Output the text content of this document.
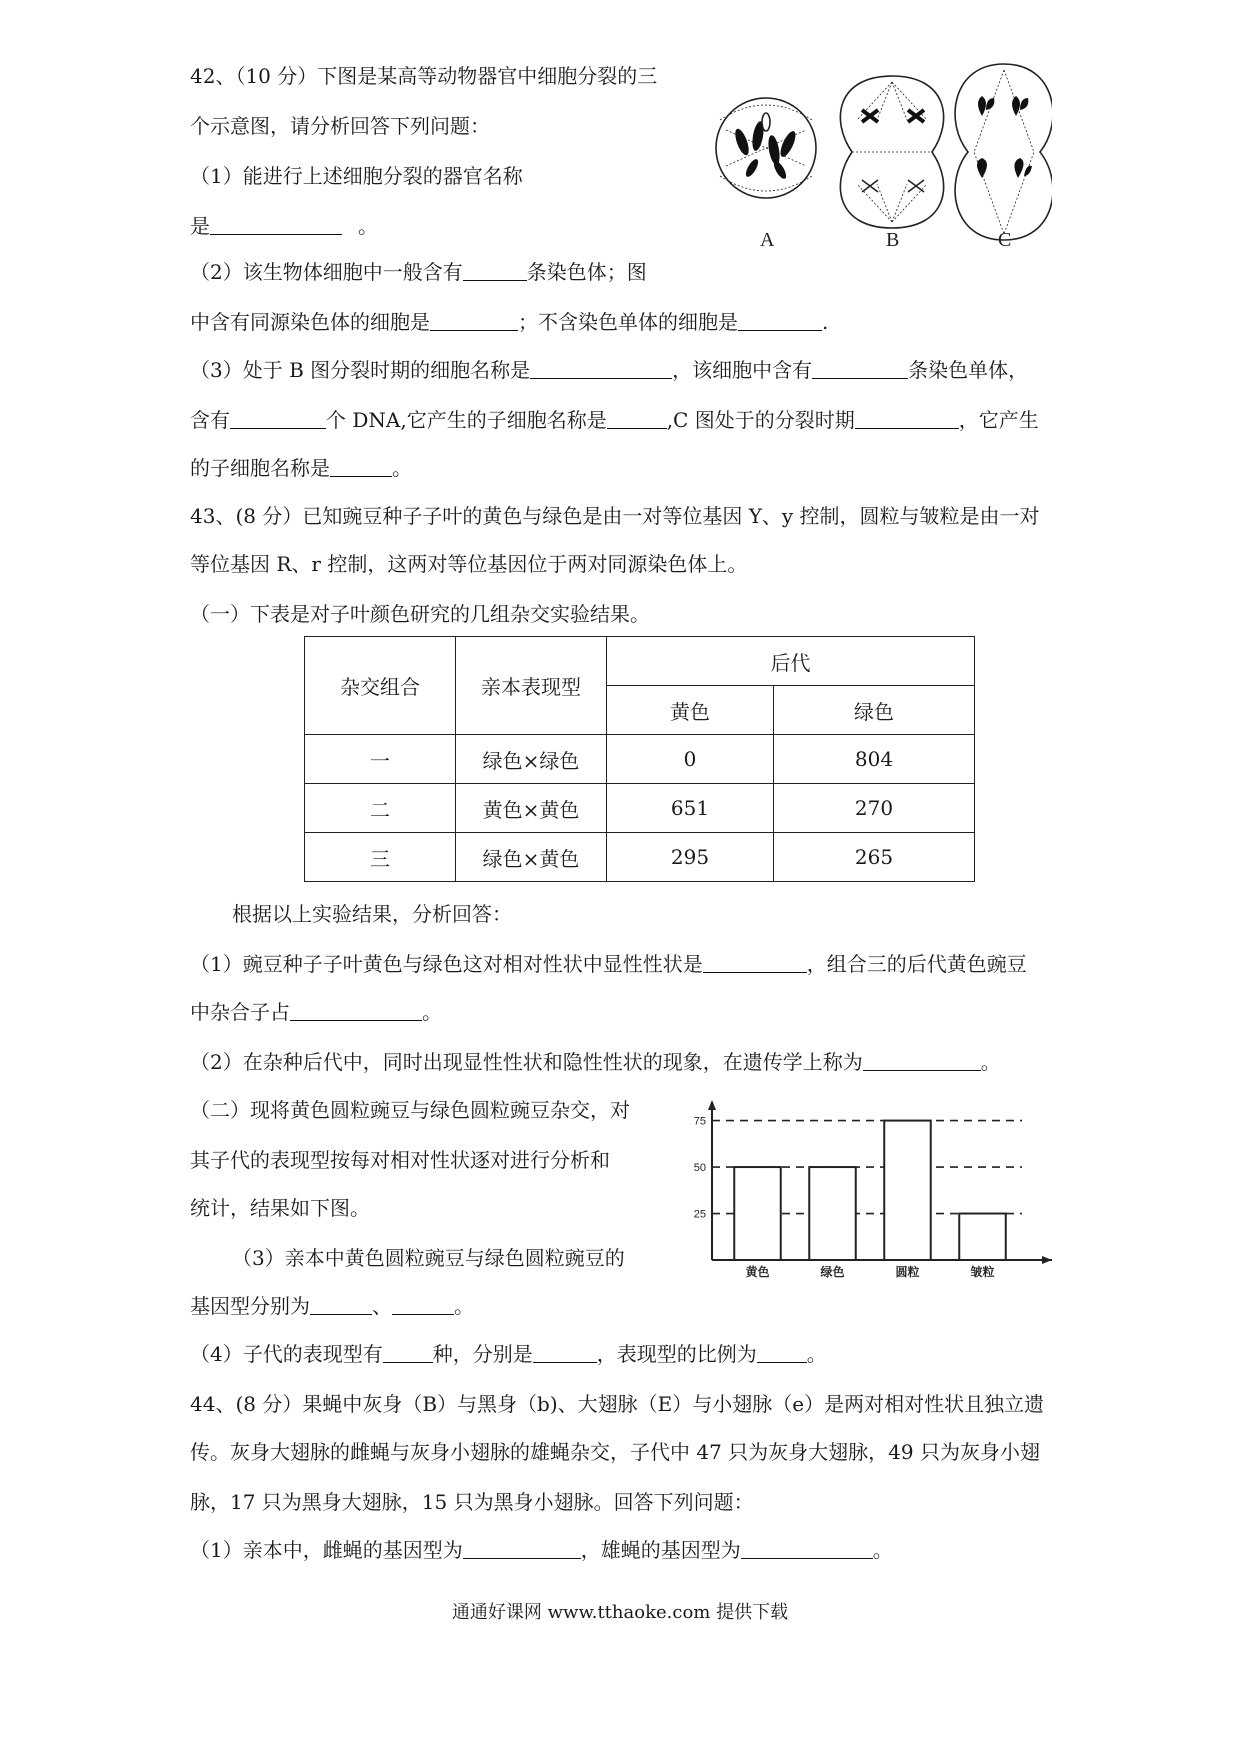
42、（10 分）下图是某高等动物器官中细胞分裂的三
个示意图，请分析回答下列问题：
（1）能进行上述细胞分裂的器官名称
是	。
（2）该生物体细胞中一般含有	条染色体；图
中含有同源染色体的细胞是	；不含染色单体的细胞是	.
（3）处于 B 图分裂时期的细胞名称是	，该细胞中含有	条染色单体，
含有	个 DNA,它产生的子细胞名称是	,C 图处于的分裂时期	，它产生
的子细胞名称是	。
A	B	C
43、(8 分）已知豌豆种子子叶的黄色与绿色是由一对等位基因 Y、y 控制，圆粒与皱粒是由一对
等位基因 R、r 控制，这两对等位基因位于两对同源染色体上。
（一）下表是对子叶颜色研究的几组杂交实验结果。
杂交组合	亲本表现型	后代	
		黄色	绿色
一	绿色×绿色	0	804
二	黄色×黄色	651	270
三	绿色×黄色	295	265
根据以上实验结果，分析回答：
（1）豌豆种子子叶黄色与绿色这对相对性状中显性性状是	，组合三的后代黄色豌豆
中杂合子占	。
（2）在杂种后代中，同时出现显性性状和隐性性状的现象，在遗传学上称为	。
（二）现将黄色圆粒豌豆与绿色圆粒豌豆杂交，对
其子代的表现型按每对相对性状逐对进行分析和
统计，结果如下图。
（3）亲本中黄色圆粒豌豆与绿色圆粒豌豆的
基因型分别为	、	。
（4）子代的表现型有	种，分别是	，表现型的比例为	。
25
50
75
黄色	绿色	圆粒	皱粒
44、(8 分）果蝇中灰身（B）与黑身（b)、大翅脉（E）与小翅脉（e）是两对相对性状且独立遗
传。灰身大翅脉的雌蝇与灰身小翅脉的雄蝇杂交，子代中 47 只为灰身大翅脉，49 只为灰身小翅
脉，17 只为黑身大翅脉，15 只为黑身小翅脉。回答下列问题：
（1）亲本中，雌蝇的基因型为	，雄蝇的基因型为	。
通通好课网 www.tthaoke.com 提供下载
